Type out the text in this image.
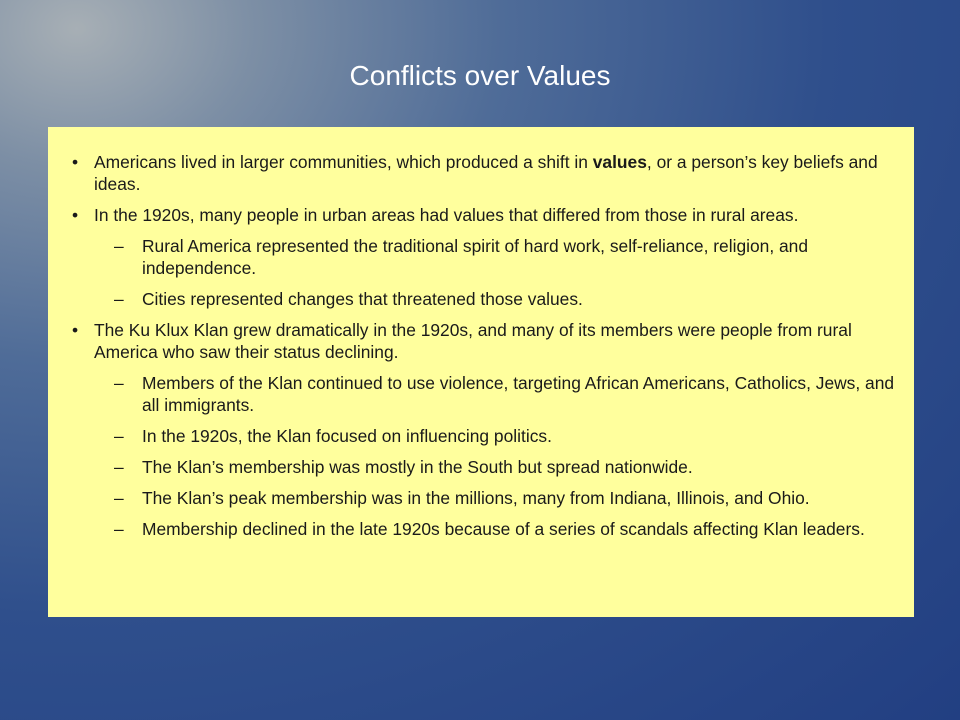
Conflicts over Values
• Americans lived in larger communities, which produced a shift in values, or a person’s key beliefs and ideas.
• In the 1920s, many people in urban areas had values that differed from those in rural areas.
– Rural America represented the traditional spirit of hard work, self-reliance, religion, and independence.
– Cities represented changes that threatened those values.
• The Ku Klux Klan grew dramatically in the 1920s, and many of its members were people from rural America who saw their status declining.
– Members of the Klan continued to use violence, targeting African Americans, Catholics, Jews, and all immigrants.
– In the 1920s, the Klan focused on influencing politics.
– The Klan’s membership was mostly in the South but spread nationwide.
– The Klan’s peak membership was in the millions, many from Indiana, Illinois, and Ohio.
– Membership declined in the late 1920s because of a series of scandals affecting Klan leaders.
